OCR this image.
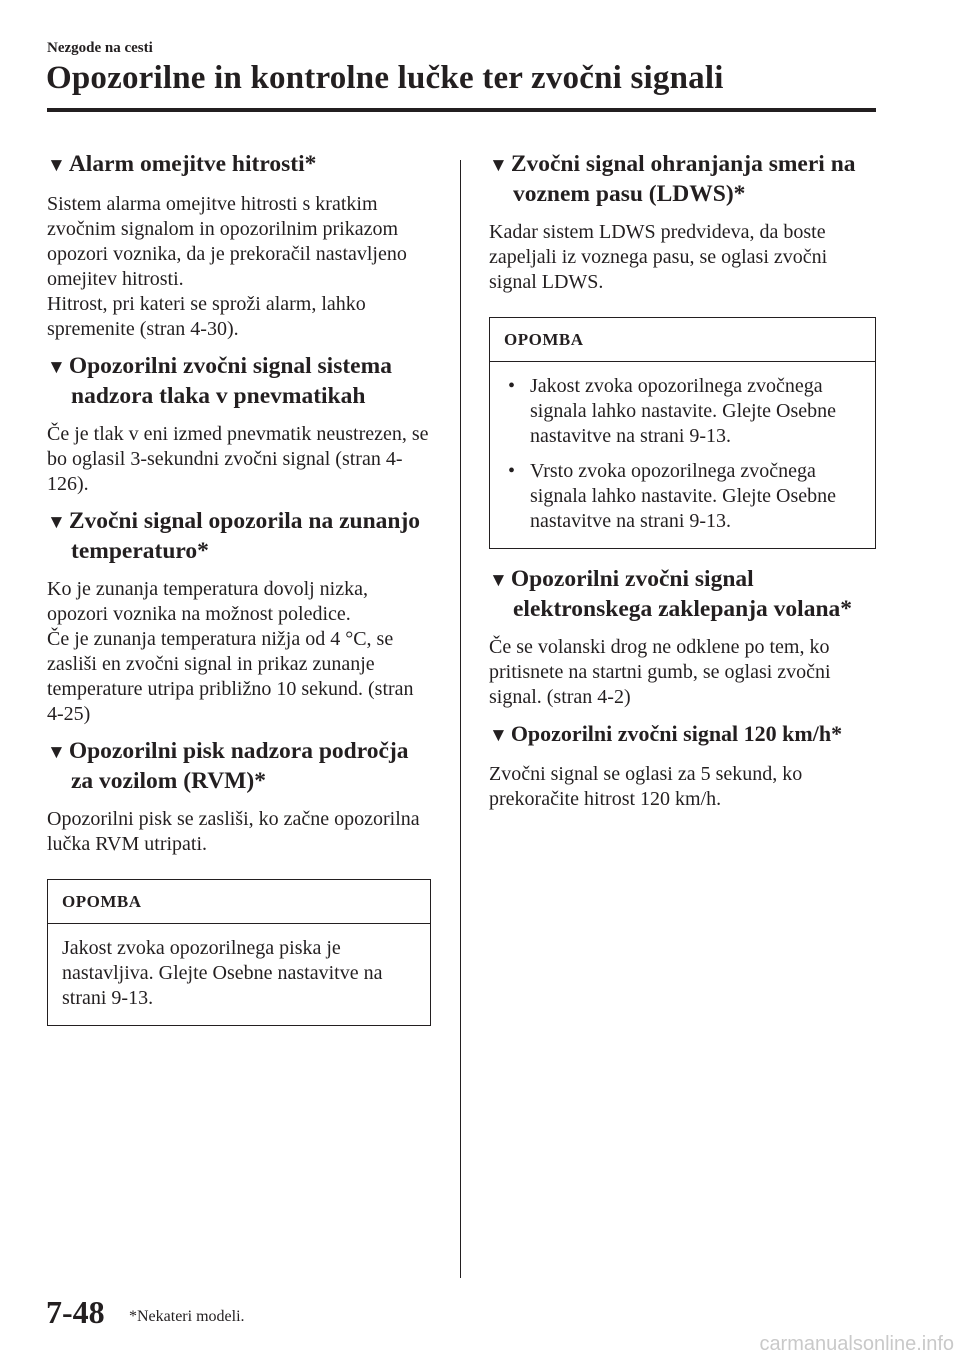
Nezgode na cesti
Opozorilne in kontrolne lučke ter zvočni signali
▼ Alarm omejitve hitrosti*

Sistem alarma omejitve hitrosti s kratkim zvočnim signalom in opozorilnim prikazom opozori voznika, da je prekoračil nastavljeno omejitev hitrosti.

Hitrost, pri kateri se sproži alarm, lahko spremenite (stran 4-30).

▼ Opozorilni zvočni signal sistema nadzora tlaka v pnevmatikah

Če je tlak v eni izmed pnevmatik neustrezen, se bo oglasil 3-sekundni zvočni signal (stran 4-126).

▼ Zvočni signal opozorila na zunanjo temperaturo*

Ko je zunanja temperatura dovolj nizka, opozori voznika na možnost poledice.

Če je zunanja temperatura nižja od 4 °C, se zasliši en zvočni signal in prikaz zunanje temperature utripa približno 10 sekund. (stran 4-25)

▼ Opozorilni pisk nadzora področja za vozilom (RVM)*

Opozorilni pisk se zasliši, ko začne opozorilna lučka RVM utripati.

OPOMBA
Jakost zvoka opozorilnega piska je nastavljiva. Glejte Osebne nastavitve na strani 9-13.
▼ Zvočni signal ohranjanja smeri na voznem pasu (LDWS)*

Kadar sistem LDWS predvideva, da boste zapeljali iz voznega pasu, se oglasi zvočni signal LDWS.

OPOMBA
• Jakost zvoka opozorilnega zvočnega signala lahko nastavite. Glejte Osebne nastavitve na strani 9-13.
• Vrsto zvoka opozorilnega zvočnega signala lahko nastavite. Glejte Osebne nastavitve na strani 9-13.
▼ Opozorilni zvočni signal elektronskega zaklepanja volana*

Če se volanski drog ne odklene po tem, ko pritisnete na startni gumb, se oglasi zvočni signal. (stran 4-2)

▼ Opozorilni zvočni signal 120 km/h*

Zvočni signal se oglasi za 5 sekund, ko prekoračite hitrost 120 km/h.

7-48 *Nekateri modeli.
carmanualsonline.info
